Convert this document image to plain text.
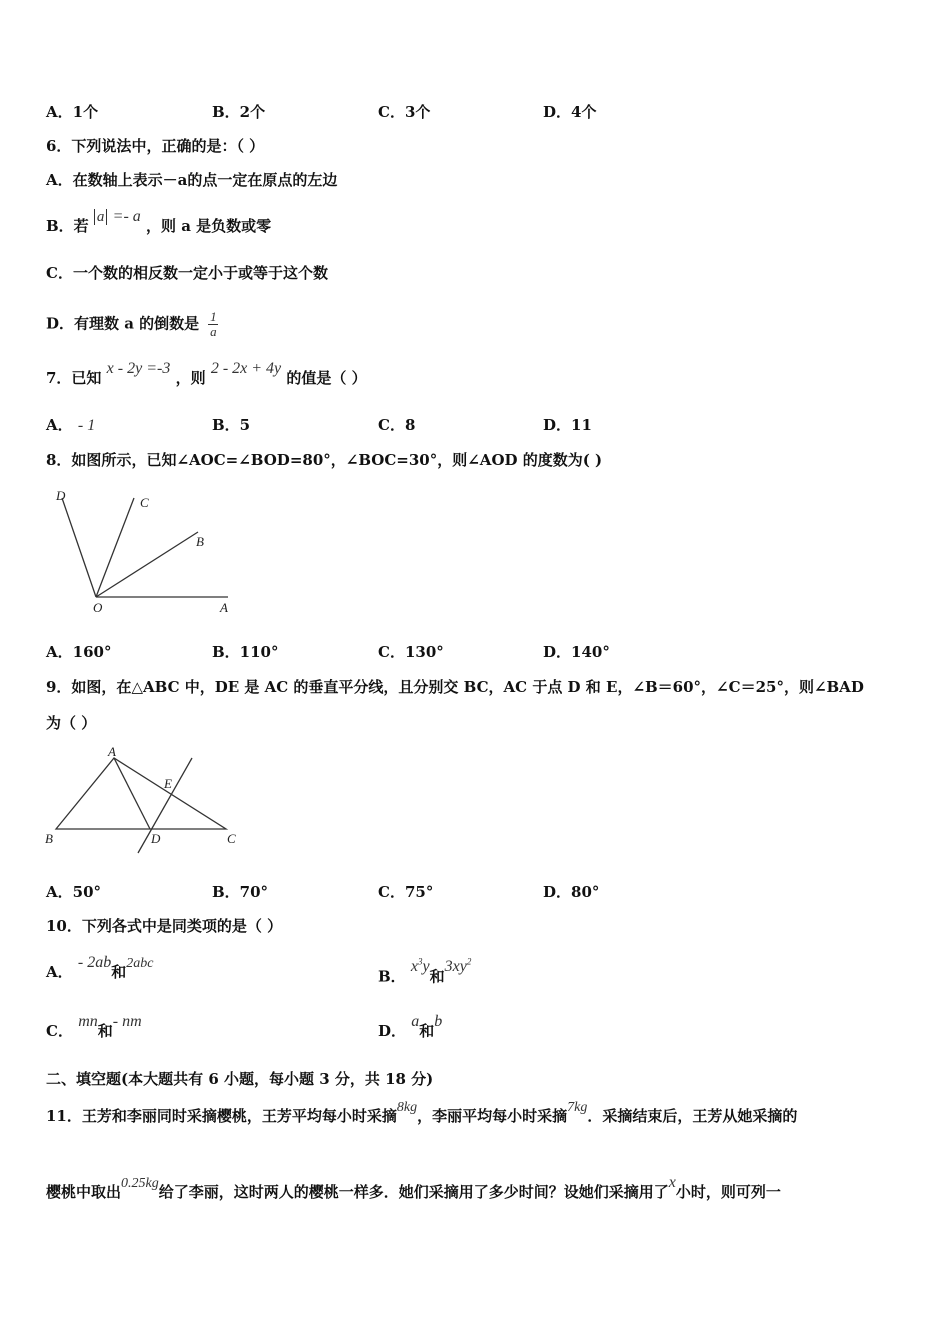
A．1个	B．2个	C．3个	D．4个
6．下列说法中，正确的是：（ ）
A．在数轴上表示－a的点一定在原点的左边
B．若 a =- a ，则 a 是负数或零
C．一个数的相反数一定小于或等于这个数
D．有理数 a 的倒数是 $\frac{1}{a}$
7．已知 x - 2y =-3 ，则 2 - 2x + 4y 的值是（ ）
A． - 1	B．5	C．8	D．11
8．如图所示，已知∠AOC=∠BOD=80°，∠BOC=30°，则∠AOD 的度数为( )
D	C
B
O	A
A．160°	B．110°	C．130°	D．140°
9．如图，在△ABC 中，DE 是 AC 的垂直平分线，且分别交 BC，AC 于点 D 和 E，∠B＝60°，∠C＝25°，则∠BAD
为（ ）
A
E
B	D	C
A．50°	B．70°	C．75°	D．80°
10．下列各式中是同类项的是（ ）
A． - 2ab和2abc
B． $x^3y$和$3xy^2$
C． mn和- nm
D． a和b
二、填空题(本大题共有 6 小题，每小题 3 分，共 18 分)
11．王芳和李丽同时采摘樱桃，王芳平均每小时采摘8kg，李丽平均每小时采摘7kg．采摘结束后，王芳从她采摘的
樱桃中取出0.25kg给了李丽，这时两人的樱桃一样多．她们采摘用了多少时间？设她们采摘用了x小时，则可列一
